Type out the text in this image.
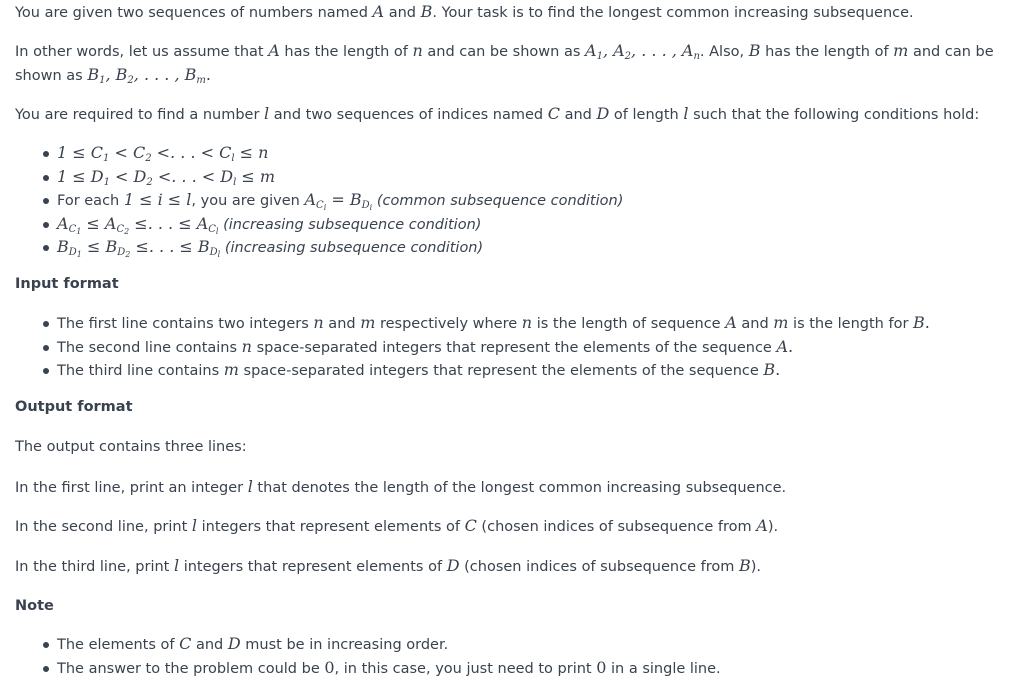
You are given two sequences of numbers named A and B. Your task is to find the longest common increasing subsequence.

In other words, let us assume that A has the length of n and can be shown as $A_1$, $A_2$, . . . , $A_n$. Also, B has the length of m and can be

shown as $B_1$, $B_2$, . . . , $B_m$.

You are required to find a number l and two sequences of indices named C and D of length l such that the following conditions hold:

$1 \le C_1 < C_2$ <. . . < $C_l \le n$
$1 \le D_1 < D_2$ <. . . < $D_l \le m$
For each 1 ≤ i ≤ l, you are given $A_{C_i} = B_{D_i}$ (common subsequence condition)
$A_{C_1} \le A_{C_2}$ ≤. . . ≤ $A_{C_l}$ (increasing subsequence condition)
$B_{D_1} \le B_{D_2}$ ≤. . . ≤ $B_{D_l}$ (increasing subsequence condition)

Input format

The first line contains two integers n and m respectively where n is the length of sequence A and m is the length for B.
The second line contains n space-separated integers that represent the elements of the sequence A.
The third line contains m space-separated integers that represent the elements of the sequence B.

Output format

The output contains three lines:

In the first line, print an integer l that denotes the length of the longest common increasing subsequence.

In the second line, print l integers that represent elements of C (chosen indices of subsequence from A).

In the third line, print l integers that represent elements of D (chosen indices of subsequence from B).

Note

The elements of C and D must be in increasing order.
The answer to the problem could be 0, in this case, you just need to print 0 in a single line.
